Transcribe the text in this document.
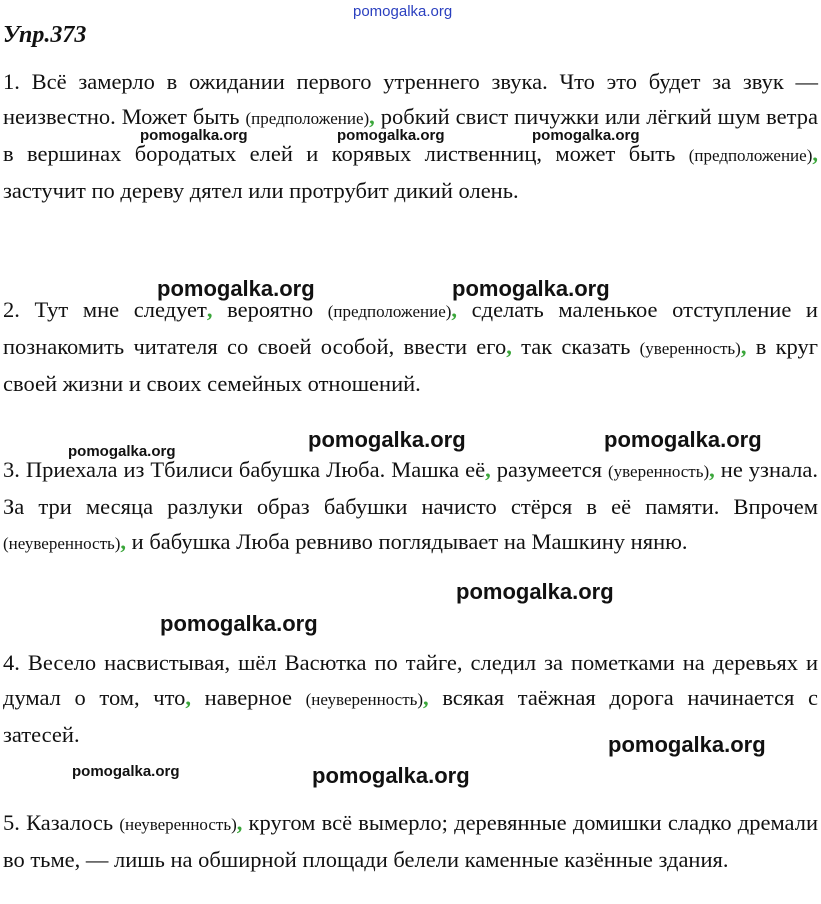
pomogalka.org
Упр.373
1. Всё замерло в ожидании первого утреннего звука. Что это будет за звук — неизвестно. Может быть (предположение), робкий свист пичужки или лёгкий шум ветра в вершинах бородатых елей и корявых лиственниц, может быть (предположение), застучит по дереву дятел или протрубит дикий олень.
2. Тут мне следует, вероятно (предположение), сделать маленькое отступление и познакомить читателя со своей особой, ввести его, так сказать (уверенность), в круг своей жизни и своих семейных отношений.
3. Приехала из Тбилиси бабушка Люба. Машка её, разумеется (уверенность), не узнала. За три месяца разлуки образ бабушки начисто стёрся в её памяти. Впрочем (неуверенность), и бабушка Люба ревниво поглядывает на Машкину няню.
4. Весело насвистывая, шёл Васютка по тайге, следил за пометками на деревьях и думал о том, что, наверное (неуверенность), всякая таёжная дорога начинается с затесей.
5. Казалось (неуверенность), кругом всё вымерло; деревянные домишки сладко дремали во тьме, — лишь на обширной площади белели каменные казённые здания.
pomogalka.org	pomogalka.org	pomogalka.org
pomogalka.org	pomogalka.org
pomogalka.org	pomogalka.org	pomogalka.org
pomogalka.org
pomogalka.org
pomogalka.org
pomogalka.org	pomogalka.org
